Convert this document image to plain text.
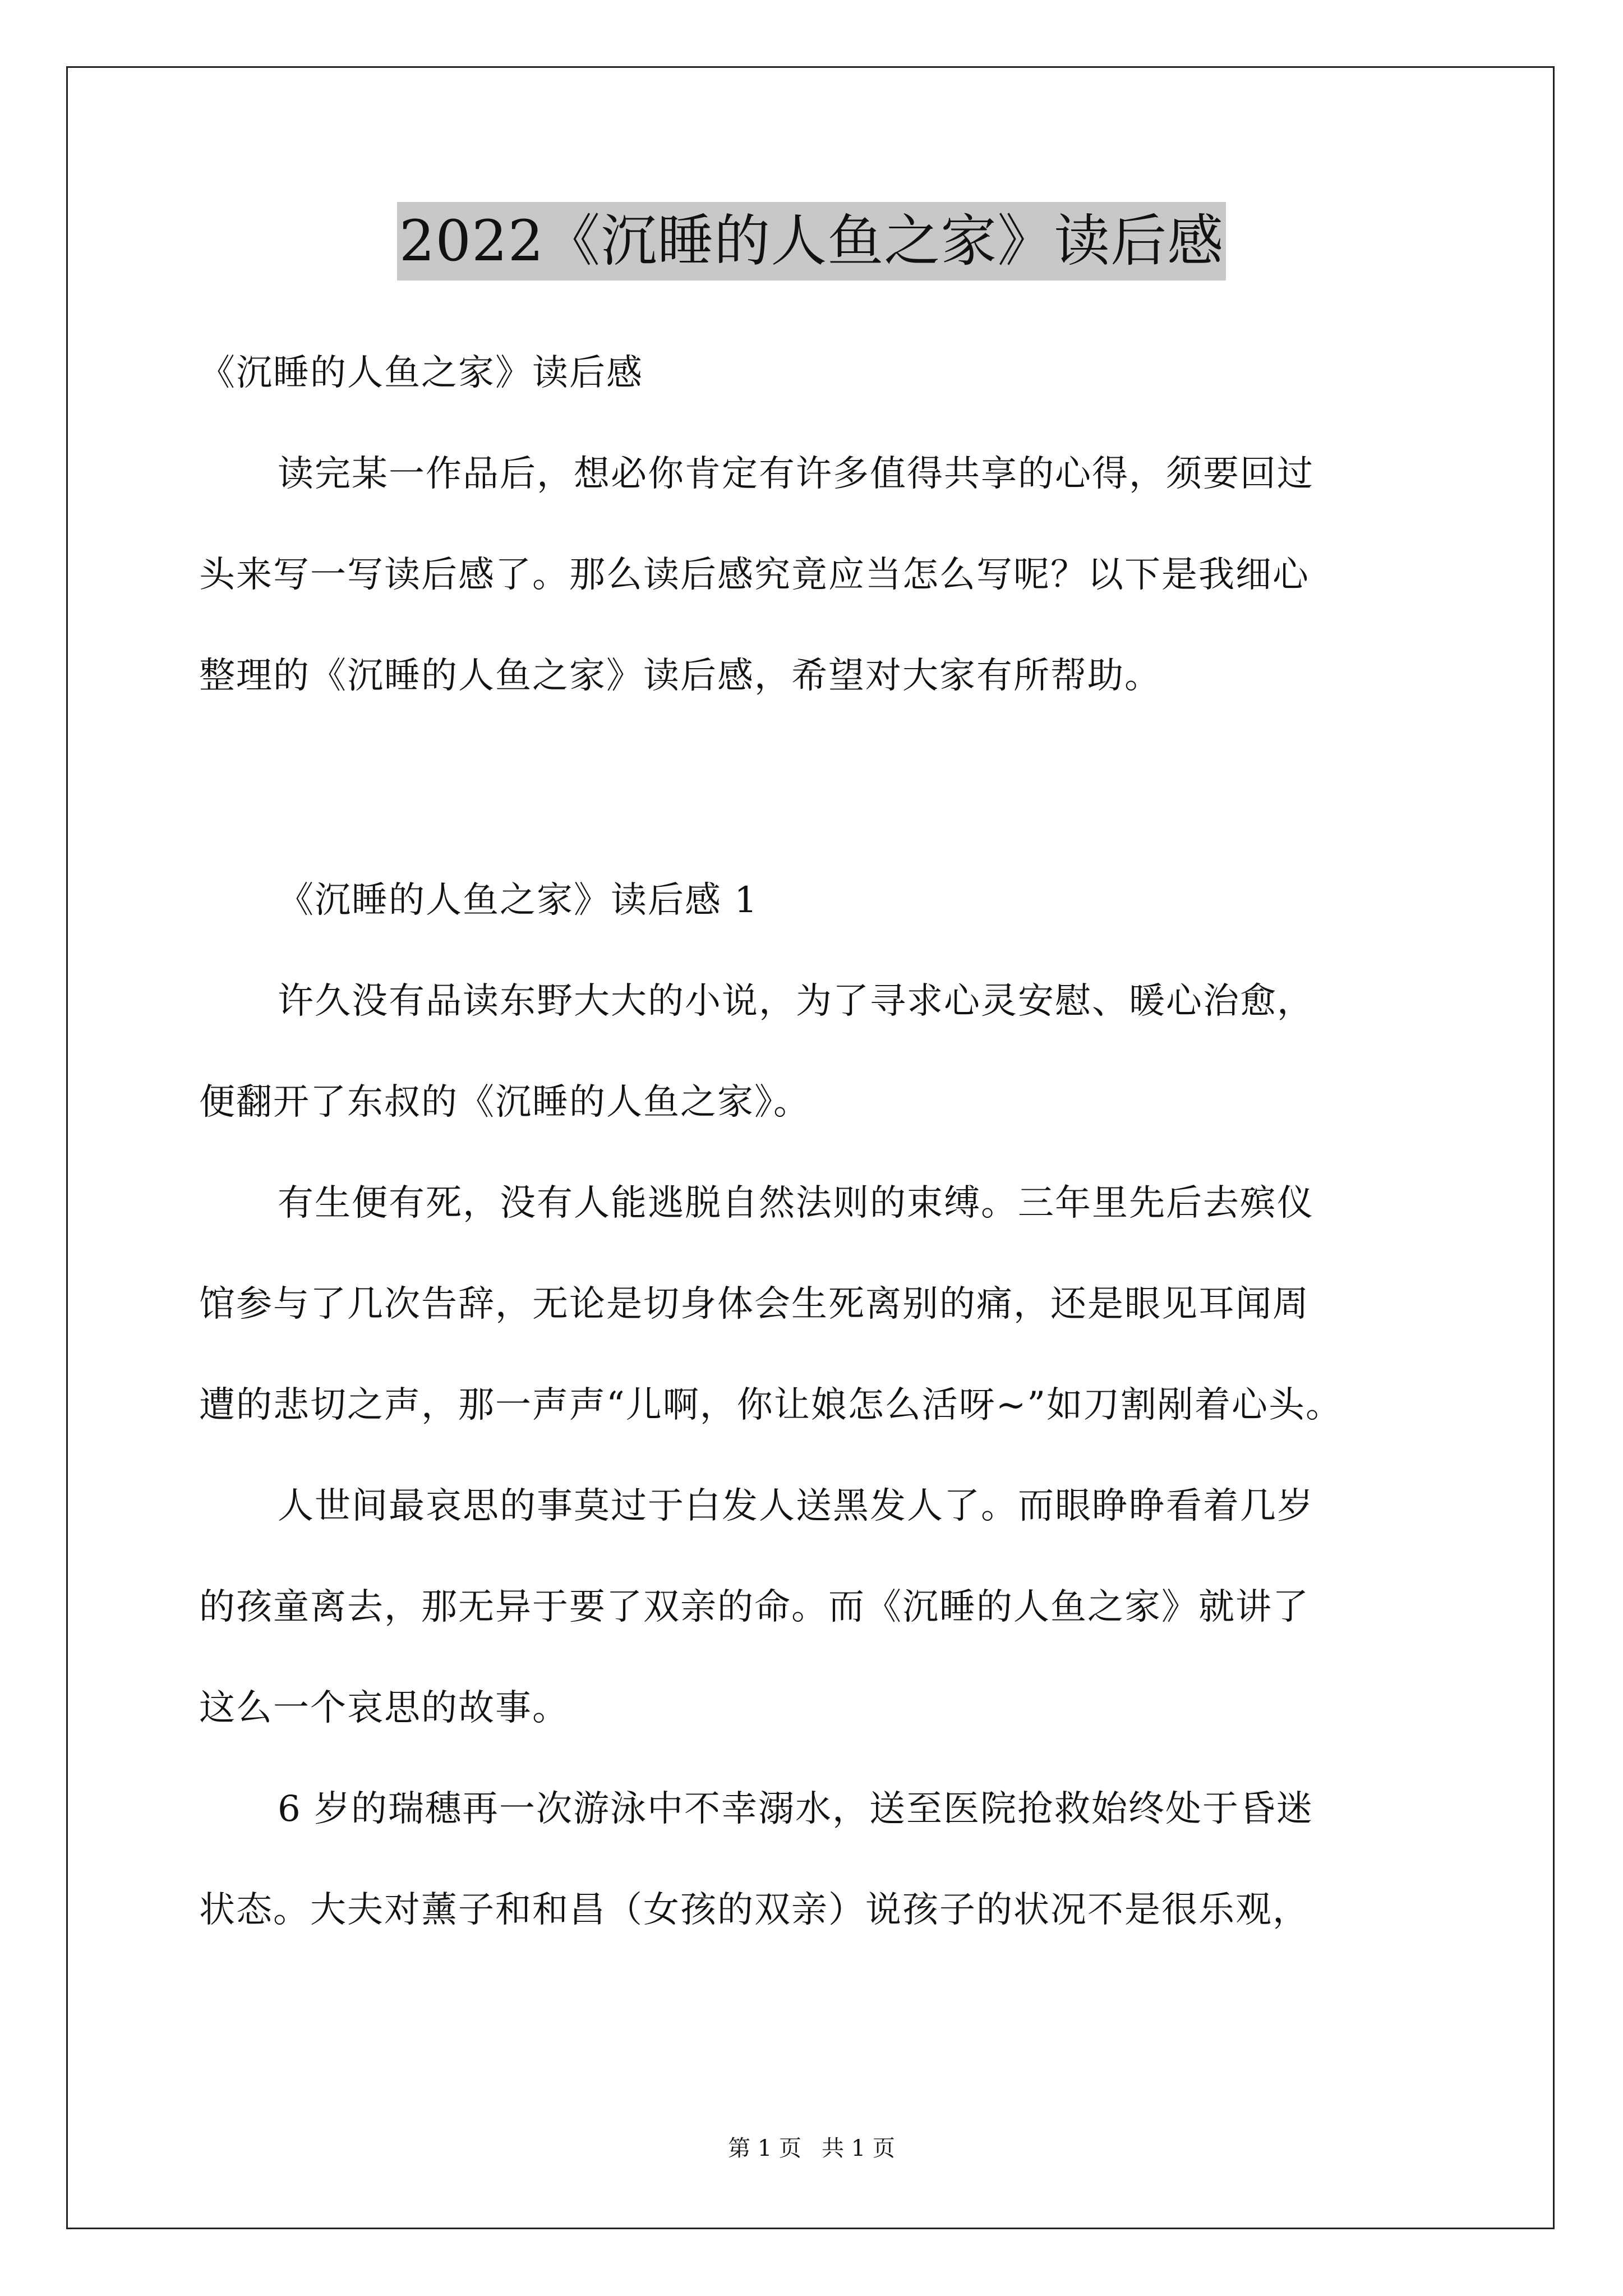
2022《沉睡的人鱼之家》读后感
《沉睡的人鱼之家》读后感
读完某一作品后，想必你肯定有许多值得共享的心得，须要回过
头来写一写读后感了。那么读后感究竟应当怎么写呢？以下是我细心
整理的《沉睡的人鱼之家》读后感，希望对大家有所帮助。
《沉睡的人鱼之家》读后感 1
许久没有品读东野大大的小说，为了寻求心灵安慰、暖心治愈，
便翻开了东叔的《沉睡的人鱼之家》。
有生便有死，没有人能逃脱自然法则的束缚。三年里先后去殡仪
馆参与了几次告辞，无论是切身体会生死离别的痛，还是眼见耳闻周
遭的悲切之声，那一声声“儿啊，你让娘怎么活呀~”如刀割剐着心头。
人世间最哀思的事莫过于白发人送黑发人了。而眼睁睁看着几岁
的孩童离去，那无异于要了双亲的命。而《沉睡的人鱼之家》就讲了
这么一个哀思的故事。
6 岁的瑞穗再一次游泳中不幸溺水，送至医院抢救始终处于昏迷
状态。大夫对薰子和和昌（女孩的双亲）说孩子的状况不是很乐观，
第 1 页 共 1 页
